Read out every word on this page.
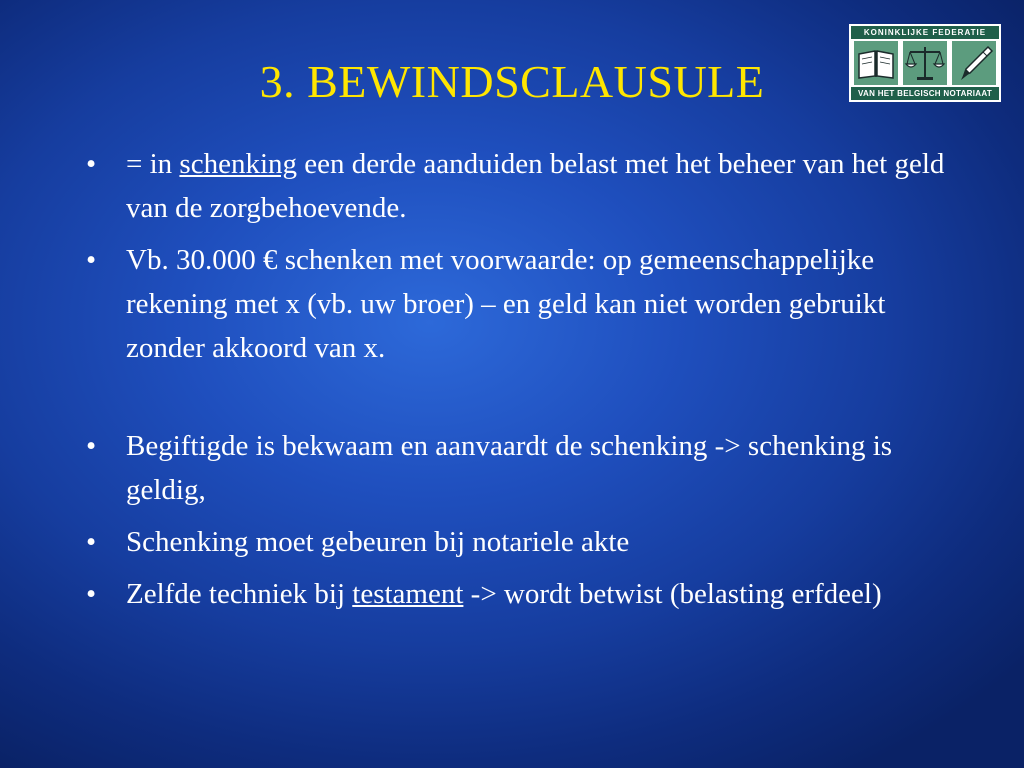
3. BEWINDSCLAUSULE
KONINKLIJKE FEDERATIE
VAN HET BELGISCH NOTARIAAT
•	= in schenking een derde aanduiden belast met het beheer van het geld van de zorgbehoevende.
•	Vb. 30.000 € schenken met voorwaarde: op gemeenschappelijke rekening met x (vb. uw broer) – en geld kan niet worden gebruikt zonder akkoord van x.
•	Begiftigde is bekwaam en aanvaardt de schenking -> schenking is geldig,
•	Schenking moet gebeuren bij notariele akte
•	Zelfde techniek bij testament -> wordt betwist (belasting erfdeel)
